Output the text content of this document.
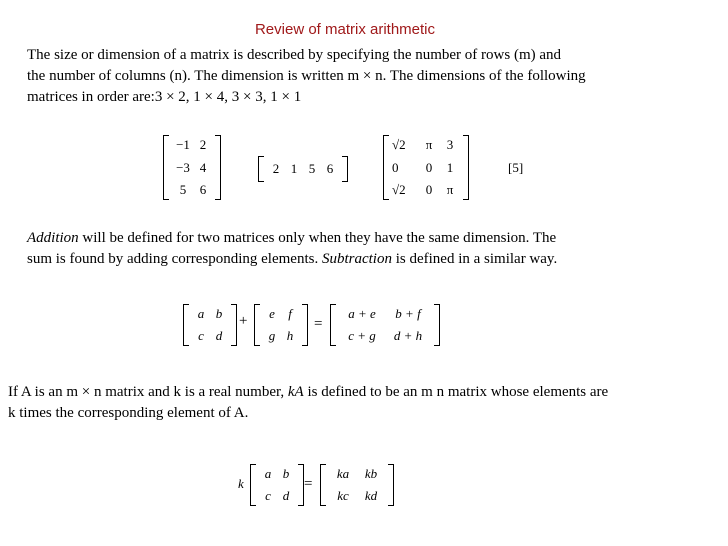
Review of matrix arithmetic

The size or dimension of a matrix is described by specifying the number of rows (m) and
the number of columns (n). The dimension is written m × n. The dimensions of the following
matrices in order are:3 × 2, 1 × 4, 3 × 3, 1 × 1

−1 2
−3 4
5	6
2 1 5 6
√2	π	3
0	0	1
√2	0	π
[5]

Addition will be defined for two matrices only when they have the same dimension. The
sum is found by adding corresponding elements. Subtraction is defined in a similar way.

a b
c d
+	e	f
g h
=
a + e	b + f
c + g	d + h

If A is an m × n matrix and k is a real number, kA is defined to be an m n matrix whose elements are
k times the corresponding element of A.

k
a b
c d
=
ka	kb
kc	kd
